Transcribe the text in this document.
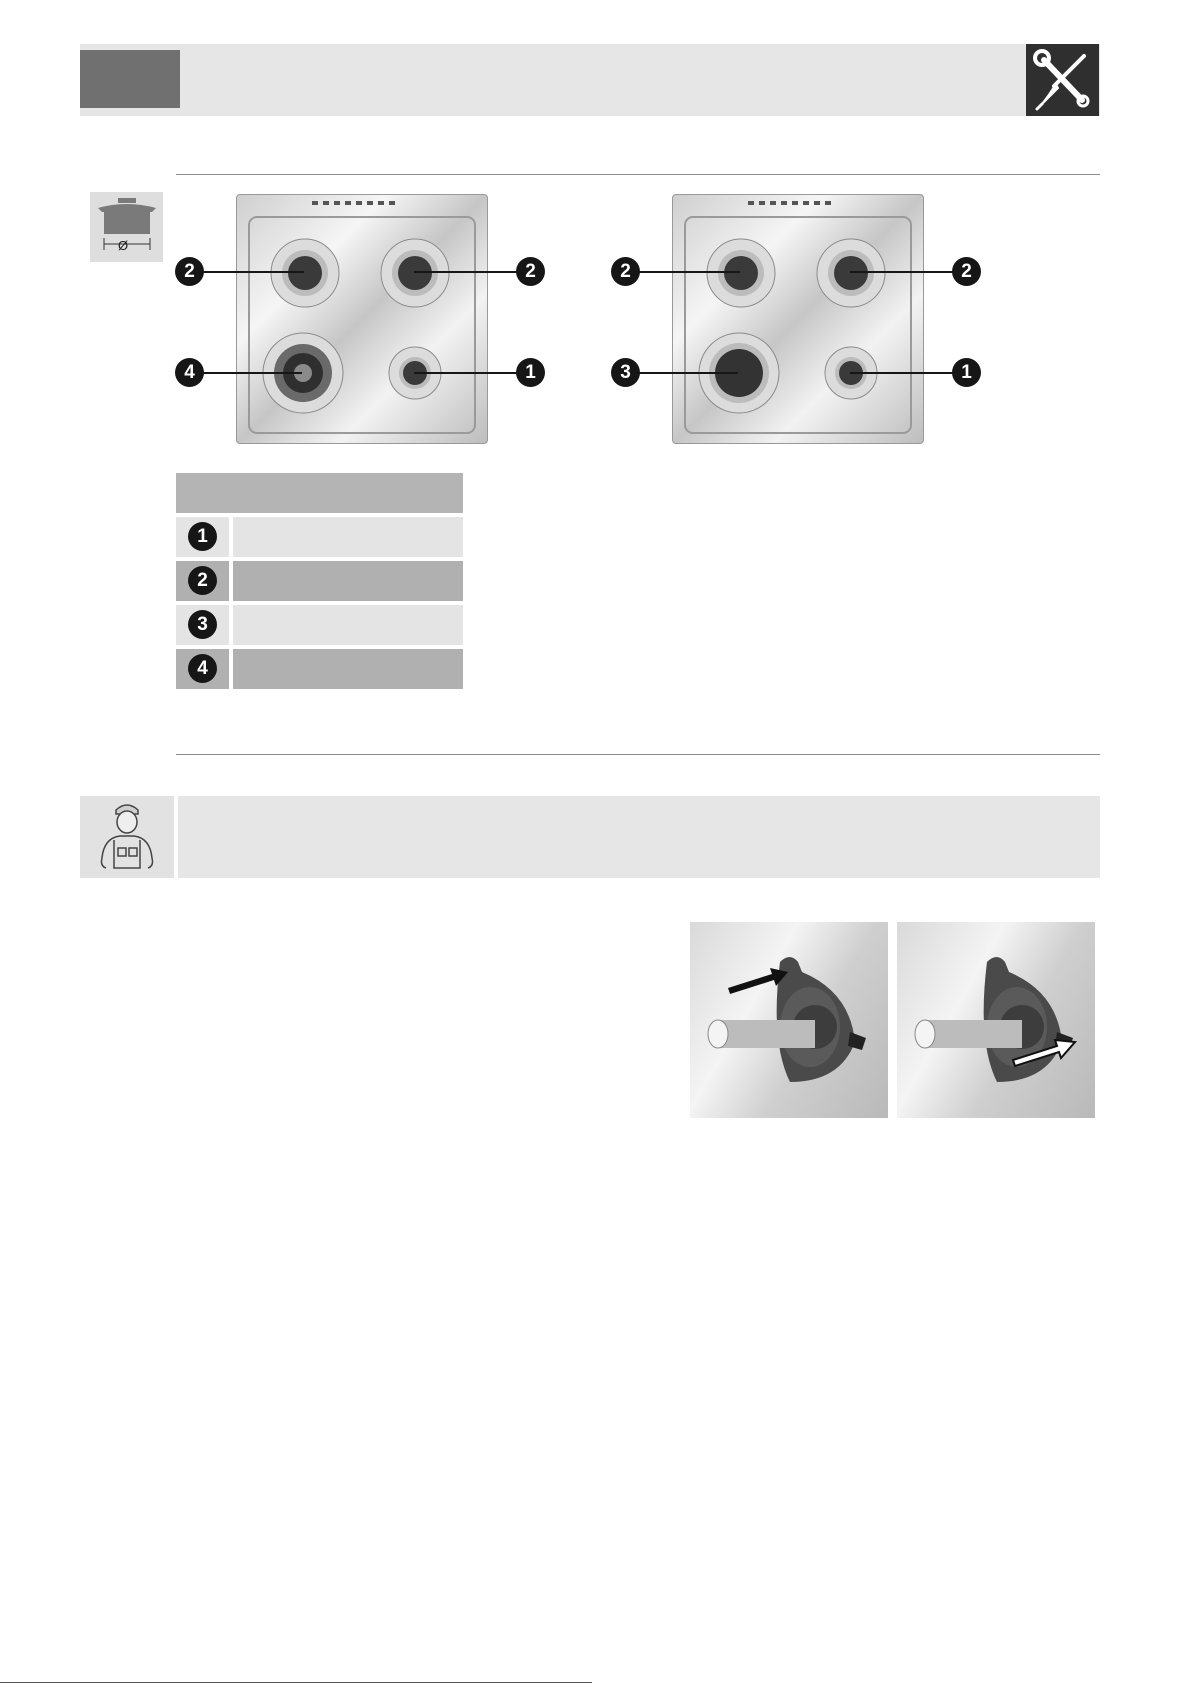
Ø
2	2
4	1
2	2
3	1
1
2
3
4
